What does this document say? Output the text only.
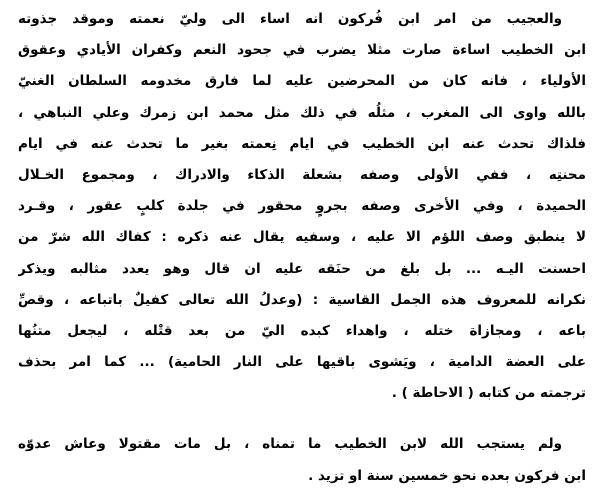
والعجيب من امر ابن فُركون انه اساء الى وليّ نعمته وموقد جذوته
ابن الخطيب اساءة صارت مثلا يضرب في جحود النعم وكفران الأيادي وعقوق
الأولياء ، فانه كان من المحرضين عليه لما فارق مخدومه السلطان الغنيّ
بالله واوى الى المغرب ، مثلُه في ذلك مثل محمد ابن زمرك وعلي النباهي ،
فلذاك تحدث عنه ابن الخطيب في ايام نِعمته بغير ما تحدث عنه في ايام
محنتِه ، ففي الأولى وصفه بشعلة الذكاء والادراك ، ومجموع الخـلال
الحميدة ، وفي الأخرى وصفه بجروٍ محقور في جلدة كلبٍ عقور ، وقـرد
لا ينطبق وصف اللؤم الا عليه ، وسفيه يقال عنه ذكره : كفاك الله شرّ من
احسنت اليـه ... بل بلغ من حنَقه عليه ان قال وهو يعدد مثالبه ويذكر
نكرانه للمعروف هذه الجمل القاسية : (وعدلُ الله تعالى كفيلٌ باتباعه ، وقصِّ
باعه ، ومجازاة ختله ، واهداء كبده اليّ من بعد قتْله ، ليجعل متنُها
على العضة الدامية ، ويَشوى باقيها على النار الحامية) ... كما امر بحذف
ترجمته من كتابه ( الاحاطة ) .
ولم يستجب الله لابن الخطيب ما تمناه ، بل مات مقتولا وعاش عدوّه
ابن فركون بعده نحو خمسين سنة او تزيد .
